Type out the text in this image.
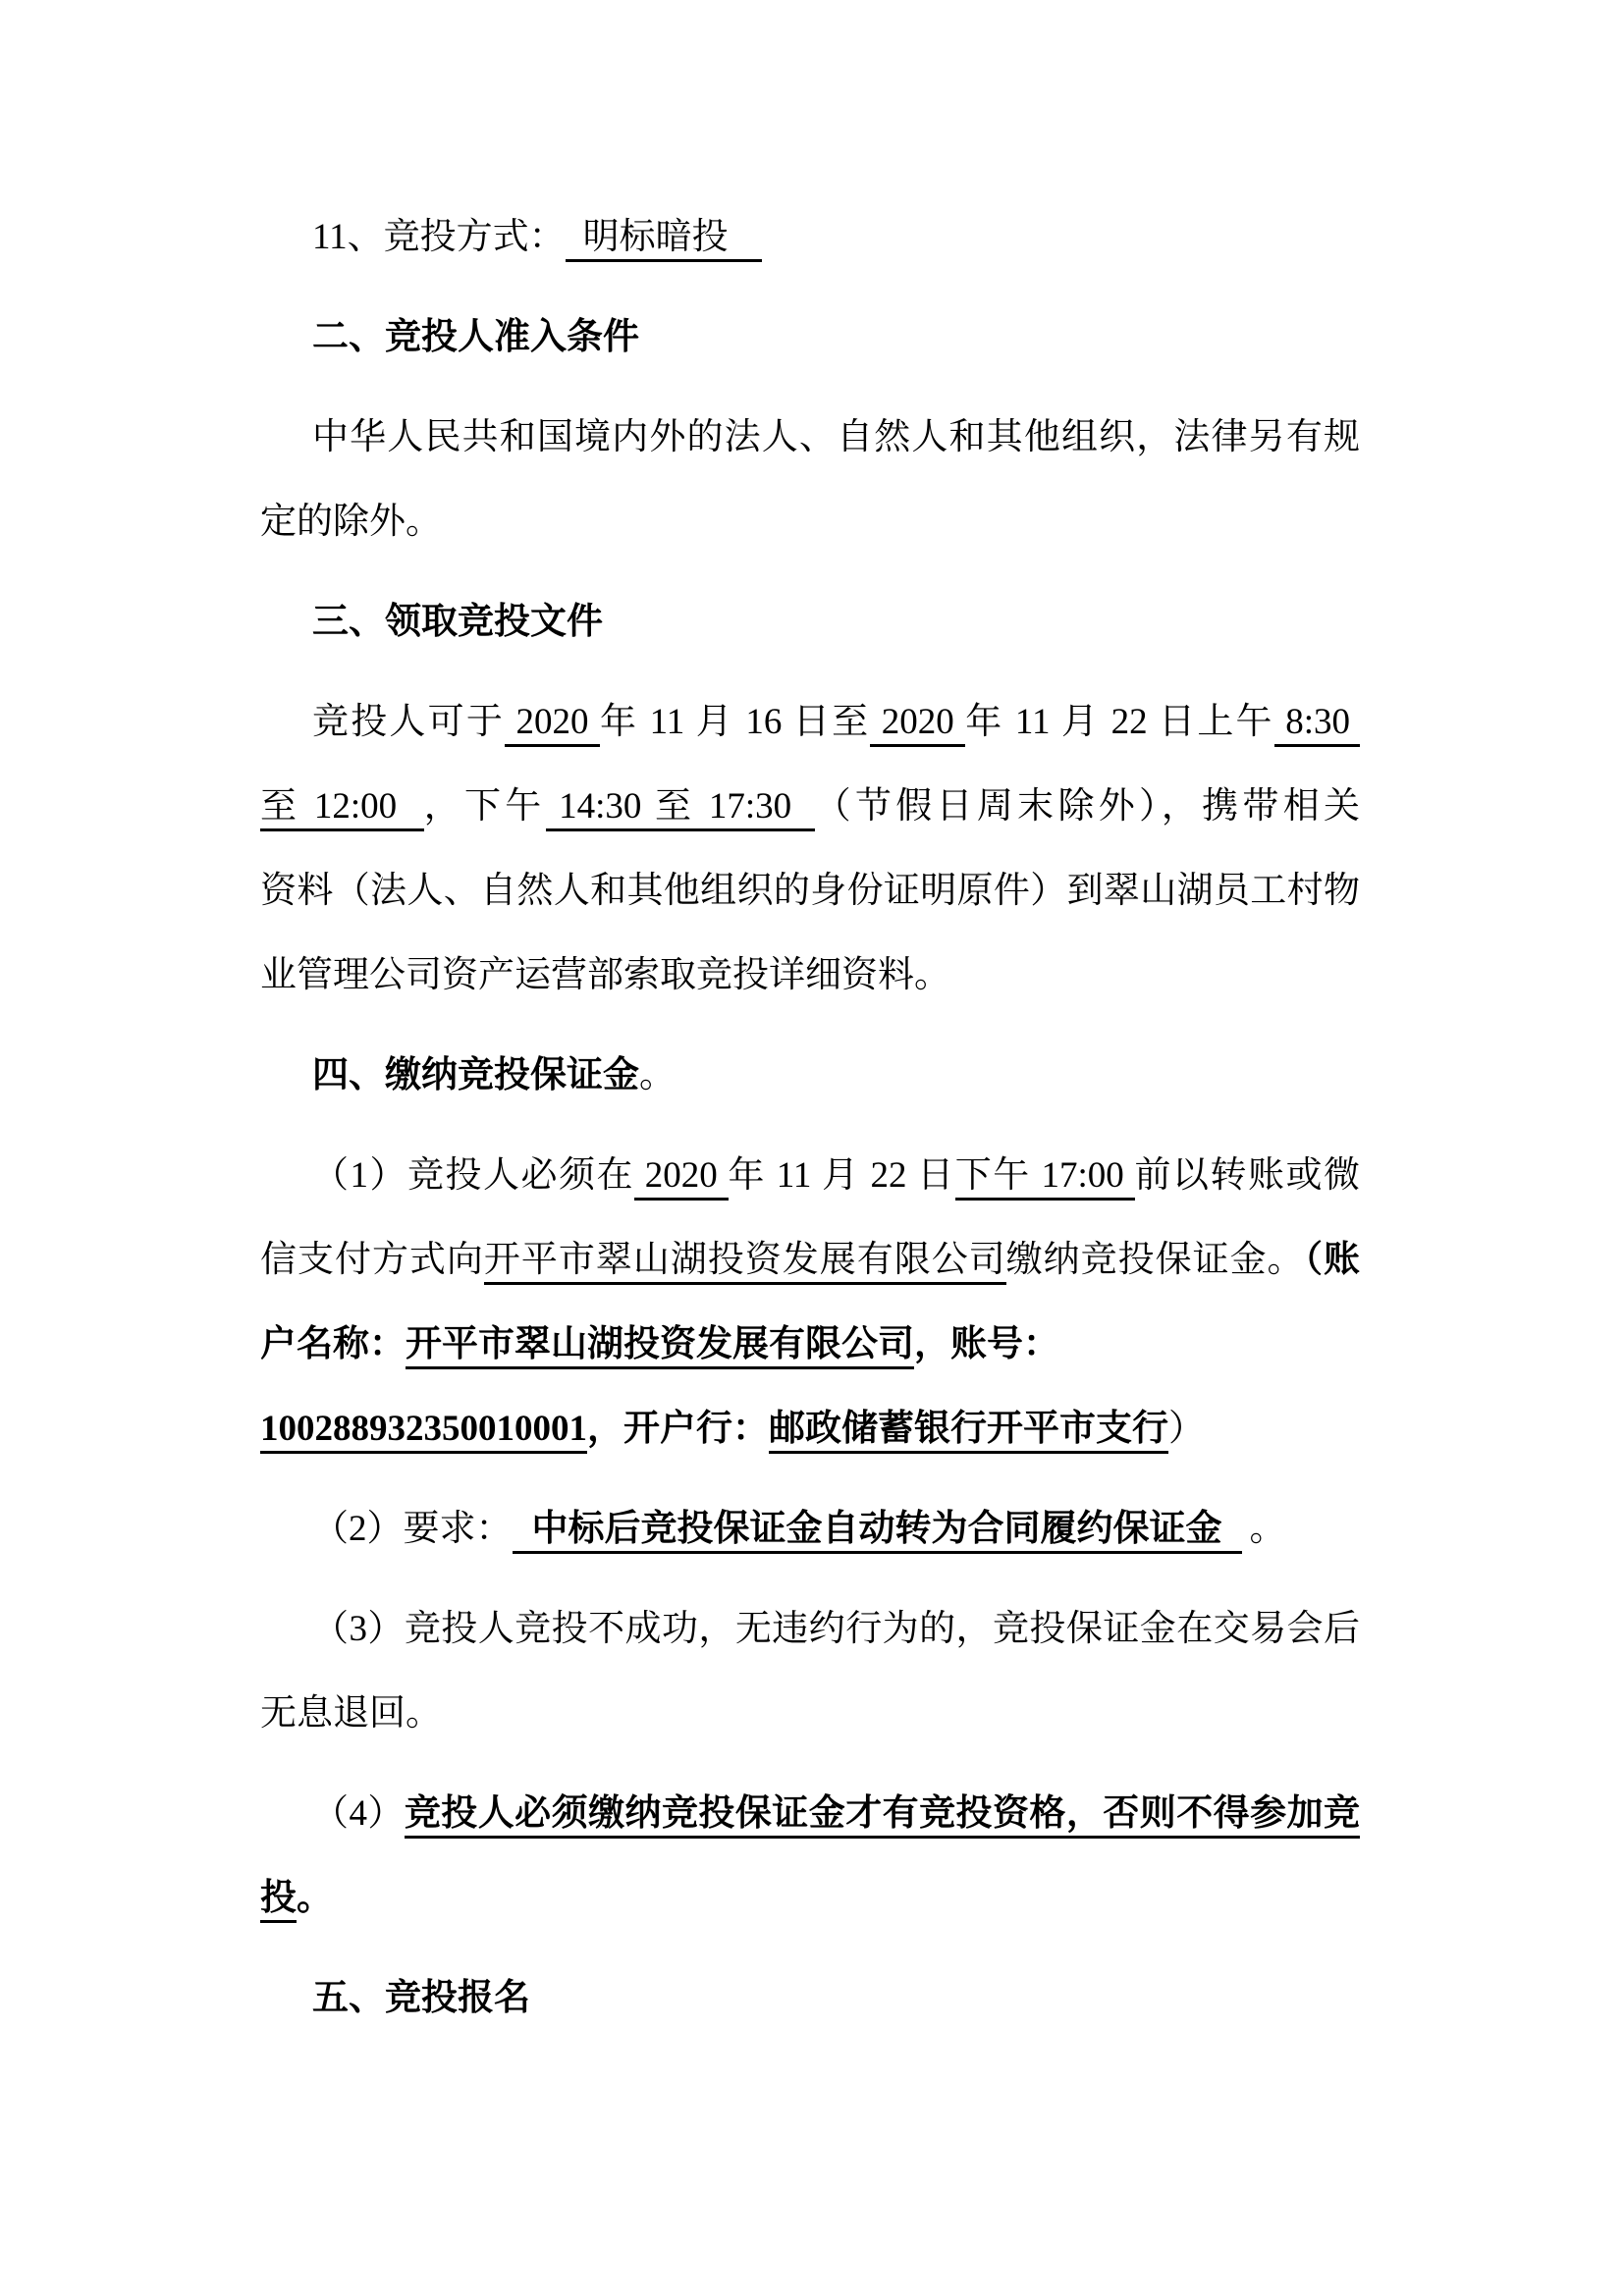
11、竞投方式： 明标暗投
二、竞投人准入条件
中华人民共和国境内外的法人、自然人和其他组织，法律另有规
定的除外。
三、领取竞投文件
竞投人可于 2020 年 11 月 16 日至 2020 年 11 月 22 日上午 8:30
至 12:00 ，下午 14:30 至 17:30 （节假日周末除外），携带相关
资料（法人、自然人和其他组织的身份证明原件）到翠山湖员工村物
业管理公司资产运营部索取竞投详细资料。
四、缴纳竞投保证金。
（1）竞投人必须在 2020 年 11 月 22 日下午 17:00 前以转账或微
信支付方式向开平市翠山湖投资发展有限公司缴纳竞投保证金。（账
户名称：开平市翠山湖投资发展有限公司，账号：
100288932350010001，开户行：邮政储蓄银行开平市支行）
（2）要求： 中标后竞投保证金自动转为合同履约保证金 。
（3）竞投人竞投不成功，无违约行为的，竞投保证金在交易会后
无息退回。
（4）竞投人必须缴纳竞投保证金才有竞投资格，否则不得参加竞
投。
五、竞投报名
